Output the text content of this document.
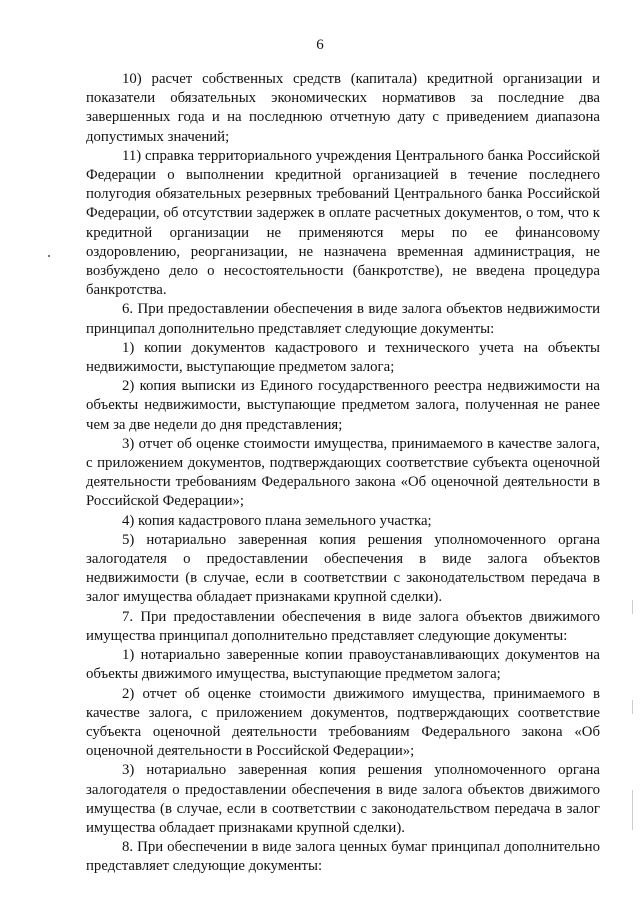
6

10) расчет собственных средств (капитала) кредитной организации и показатели обязательных экономических нормативов за последние два завершенных года и на последнюю отчетную дату с приведением диапазона допустимых значений;

11) справка территориального учреждения Центрального банка Российской Федерации о выполнении кредитной организацией в течение последнего полугодия обязательных резервных требований Центрального банка Российской Федерации, об отсутствии задержек в оплате расчетных документов, о том, что к кредитной организации не применяются меры по ее финансовому оздоровлению, реорганизации, не назначена временная администрация, не возбуждено дело о несостоятельности (банкротстве), не введена процедура банкротства.

6. При предоставлении обеспечения в виде залога объектов недвижимости принципал дополнительно представляет следующие документы:

1) копии документов кадастрового и технического учета на объекты недвижимости, выступающие предметом залога;

2) копия выписки из Единого государственного реестра недвижимости на объекты недвижимости, выступающие предметом залога, полученная не ранее чем за две недели до дня представления;

3) отчет об оценке стоимости имущества, принимаемого в качестве залога, с приложением документов, подтверждающих соответствие субъекта оценочной деятельности требованиям Федерального закона «Об оценочной деятельности в Российской Федерации»;

4) копия кадастрового плана земельного участка;

5) нотариально заверенная копия решения уполномоченного органа залогодателя о предоставлении обеспечения в виде залога объектов недвижимости (в случае, если в соответствии с законодательством передача в залог имущества обладает признаками крупной сделки).

7. При предоставлении обеспечения в виде залога объектов движимого имущества принципал дополнительно представляет следующие документы:

1) нотариально заверенные копии правоустанавливающих документов на объекты движимого имущества, выступающие предметом залога;

2) отчет об оценке стоимости движимого имущества, принимаемого в качестве залога, с приложением документов, подтверждающих соответствие субъекта оценочной деятельности требованиям Федерального закона «Об оценочной деятельности в Российской Федерации»;

3) нотариально заверенная копия решения уполномоченного органа залогодателя о предоставлении обеспечения в виде залога объектов движимого имущества (в случае, если в соответствии с законодательством передача в залог имущества обладает признаками крупной сделки).

8. При обеспечении в виде залога ценных бумаг принципал дополнительно представляет следующие документы:
